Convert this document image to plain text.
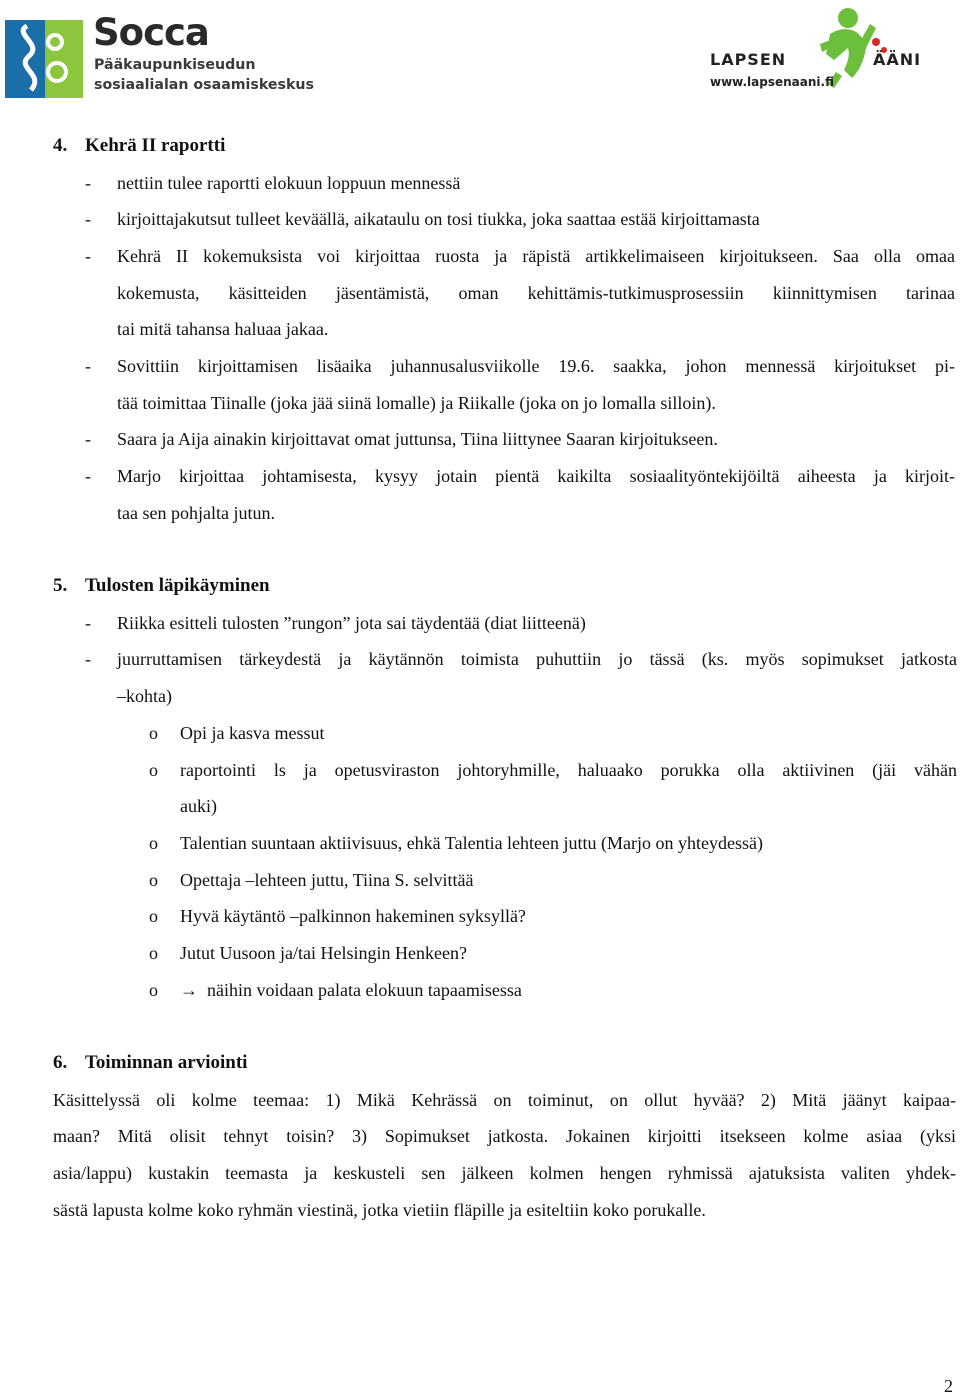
Socca
Pääkaupunkiseudun
sosiaalialan osaamiskeskus
LAPSEN	ÄÄNI
www.lapsenaani.fi
4. Kehrä II raportti
- nettiin tulee raportti elokuun loppuun mennessä
- kirjoittajakutsut tulleet keväällä, aikataulu on tosi tiukka, joka saattaa estää kirjoittamasta
- Kehrä II kokemuksista voi kirjoittaa ruosta ja räpistä artikkelimaiseen kirjoitukseen. Saa olla omaa
kokemusta, käsitteiden jäsentämistä, oman kehittämis-tutkimusprosessiin kiinnittymisen tarinaa
tai mitä tahansa haluaa jakaa.
- Sovittiin kirjoittamisen lisäaika juhannusalusviikolle 19.6. saakka, johon mennessä kirjoitukset pi-
tää toimittaa Tiinalle (joka jää siinä lomalle) ja Riikalle (joka on jo lomalla silloin).
- Saara ja Aija ainakin kirjoittavat omat juttunsa, Tiina liittynee Saaran kirjoitukseen.
- Marjo kirjoittaa johtamisesta, kysyy jotain pientä kaikilta sosiaalityöntekijöiltä aiheesta ja kirjoit-
taa sen pohjalta jutun.
5. Tulosten läpikäyminen
- Riikka esitteli tulosten ”rungon” jota sai täydentää (diat liitteenä)
- juurruttamisen tärkeydestä ja käytännön toimista puhuttiin jo tässä (ks. myös sopimukset jatkosta
–kohta)
o Opi ja kasva messut
o raportointi ls ja opetusviraston johtoryhmille, haluaako porukka olla aktiivinen (jäi vähän
auki)
o Talentian suuntaan aktiivisuus, ehkä Talentia lehteen juttu (Marjo on yhteydessä)
o Opettaja –lehteen juttu, Tiina S. selvittää
o Hyvä käytäntö –palkinnon hakeminen syksyllä?
o Jutut Uusoon ja/tai Helsingin Henkeen?
o → näihin voidaan palata elokuun tapaamisessa
6. Toiminnan arviointi
Käsittelyssä oli kolme teemaa: 1) Mikä Kehrässä on toiminut, on ollut hyvää? 2) Mitä jäänyt kaipaa-
maan? Mitä olisit tehnyt toisin? 3) Sopimukset jatkosta. Jokainen kirjoitti itsekseen kolme asiaa (yksi
asia/lappu) kustakin teemasta ja keskusteli sen jälkeen kolmen hengen ryhmissä ajatuksista valiten yhdek-
sästä lapusta kolme koko ryhmän viestinä, jotka vietiin fläpille ja esiteltiin koko porukalle.
2
